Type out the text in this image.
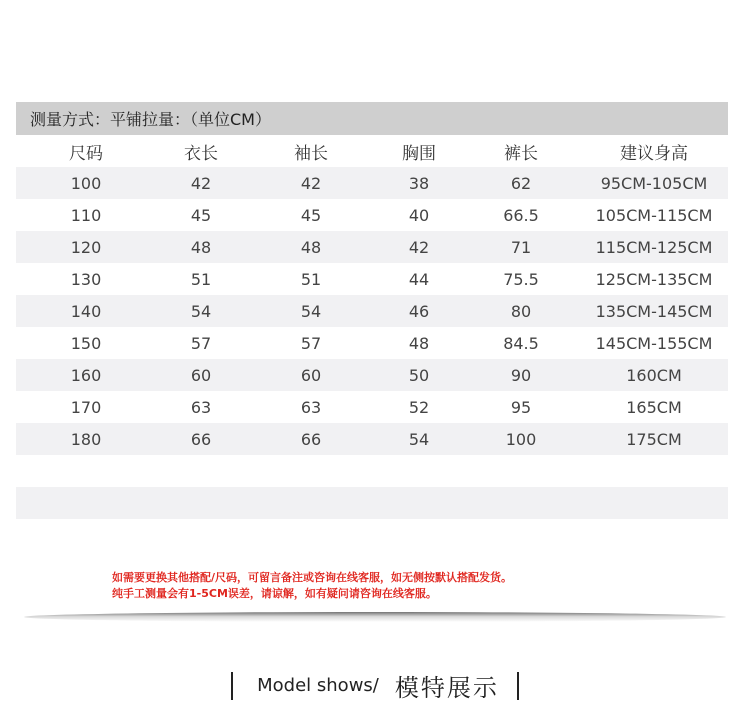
测量方式：平铺拉量：（单位CM）
尺码	衣长	袖长	胸围	裤长	建议身高
100	42	42	38	62	95CM-105CM
110	45	45	40	66.5	105CM-115CM
120	48	48	42	71	115CM-125CM
130	51	51	44	75.5	125CM-135CM
140	54	54	46	80	135CM-145CM
150	57	57	48	84.5	145CM-155CM
160	60	60	50	90	160CM
170	63	63	52	95	165CM
180	66	66	54	100	175CM
如需要更换其他搭配/尺码，可留言备注或咨询在线客服，如无侧按默认搭配发货。
纯手工测量会有1-5CM误差，请谅解，如有疑问请咨询在线客服。
Model shows/ 模特展示
